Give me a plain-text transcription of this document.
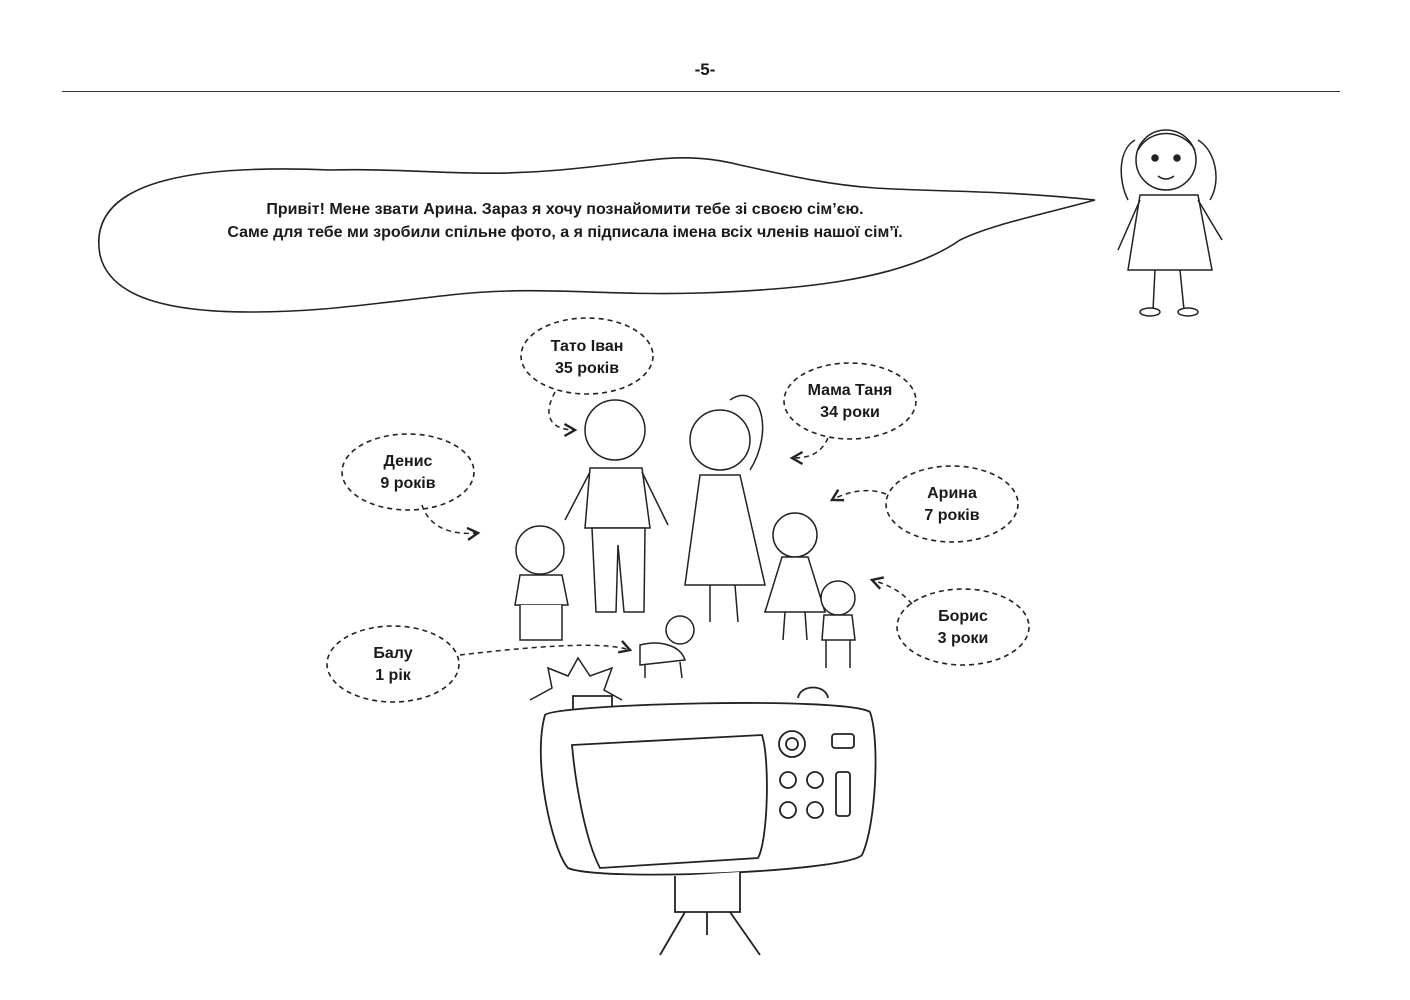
-5-
Привіт! Мене звати Арина. Зараз я хочу познайомити тебе зі своєю сім’єю.
Саме для тебе ми зробили спільне фото, а я підписала імена всіх членів нашої сім’ї.
Тато Іван
35 років
Мама Таня
34 роки
Денис
9 років
Арина
7 років
Борис
3 роки
Балу
1 рік
